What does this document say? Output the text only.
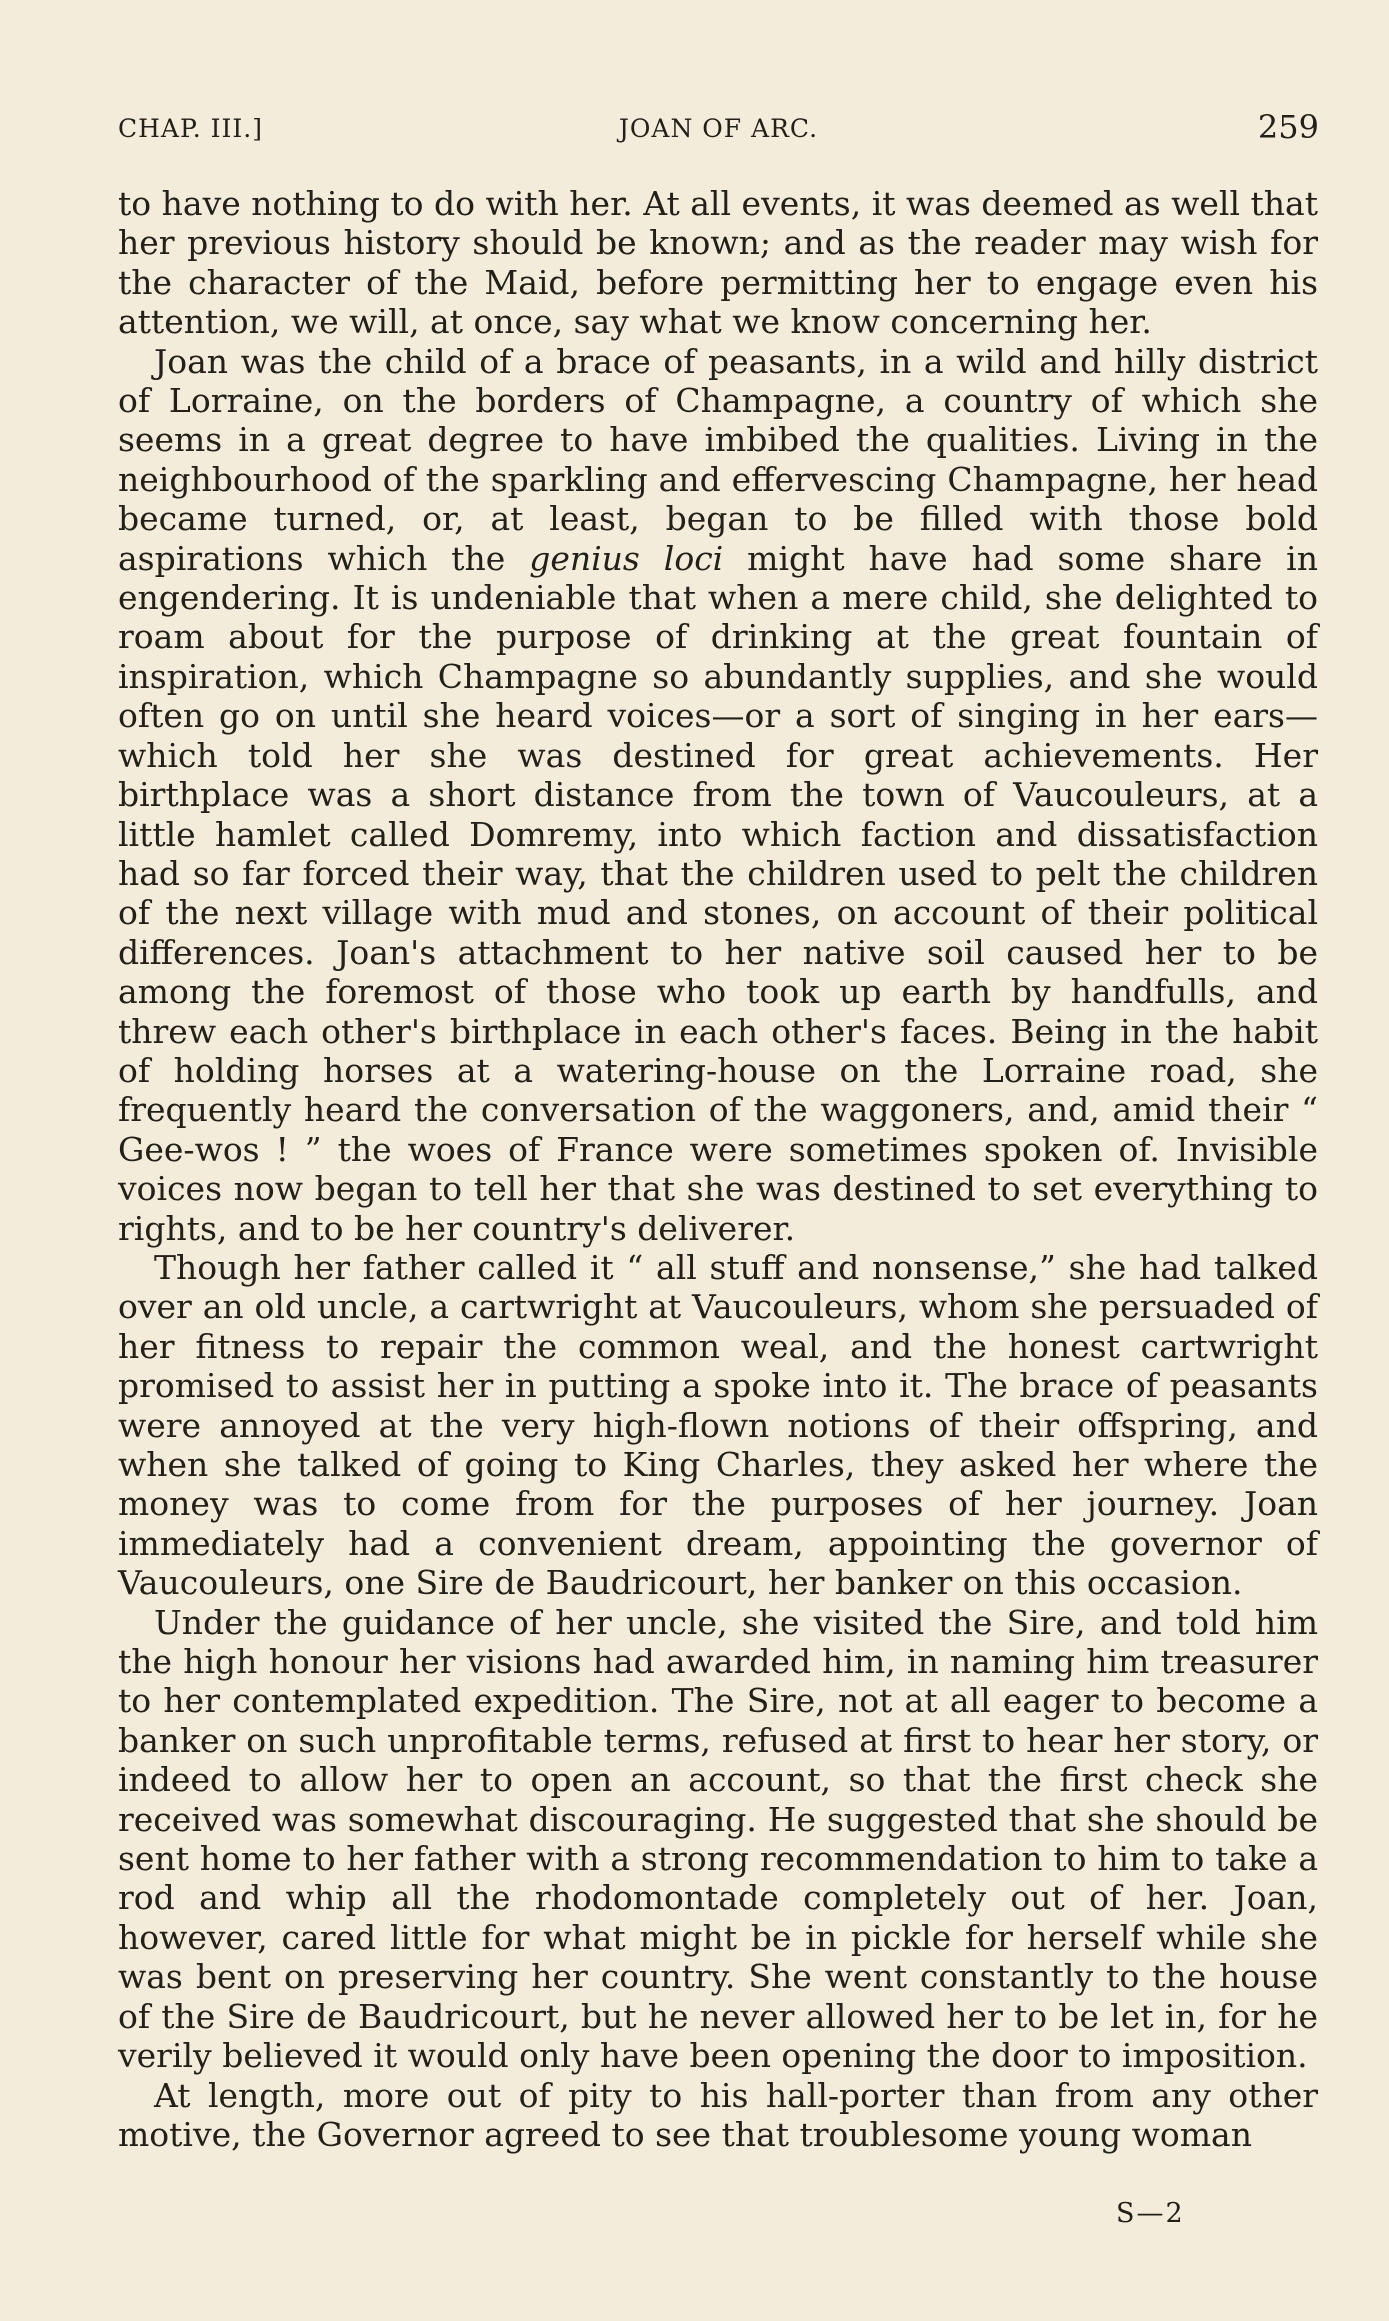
CHAP. III.]	JOAN OF ARC.	259

to have nothing to do with her. At all events, it was deemed as well that her previous history should be known; and as the reader may wish for the character of the Maid, before permitting her to engage even his attention, we will, at once, say what we know concerning her.

Joan was the child of a brace of peasants, in a wild and hilly district of Lorraine, on the borders of Champagne, a country of which she seems in a great degree to have imbibed the qualities. Living in the neighbourhood of the sparkling and effervescing Champagne, her head became turned, or, at least, began to be filled with those bold aspirations which the genius loci might have had some share in engendering. It is undeniable that when a mere child, she delighted to roam about for the purpose of drinking at the great fountain of inspiration, which Champagne so abundantly supplies, and she would often go on until she heard voices—or a sort of singing in her ears—which told her she was destined for great achievements. Her birthplace was a short distance from the town of Vaucouleurs, at a little hamlet called Domremy, into which faction and dissatisfaction had so far forced their way, that the children used to pelt the children of the next village with mud and stones, on account of their political differences. Joan's attachment to her native soil caused her to be among the foremost of those who took up earth by handfulls, and threw each other's birthplace in each other's faces. Being in the habit of holding horses at a watering-house on the Lorraine road, she frequently heard the conversation of the waggoners, and, amid their “ Gee-wos ! ” the woes of France were sometimes spoken of. Invisible voices now began to tell her that she was destined to set everything to rights, and to be her country's deliverer.

Though her father called it “ all stuff and nonsense,” she had talked over an old uncle, a cartwright at Vaucouleurs, whom she persuaded of her fitness to repair the common weal, and the honest cartwright promised to assist her in putting a spoke into it. The brace of peasants were annoyed at the very high-flown notions of their offspring, and when she talked of going to King Charles, they asked her where the money was to come from for the purposes of her journey. Joan immediately had a convenient dream, appointing the governor of Vaucouleurs, one Sire de Baudricourt, her banker on this occasion.

Under the guidance of her uncle, she visited the Sire, and told him the high honour her visions had awarded him, in naming him treasurer to her contemplated expedition. The Sire, not at all eager to become a banker on such unprofitable terms, refused at first to hear her story, or indeed to allow her to open an account, so that the first check she received was somewhat discouraging. He suggested that she should be sent home to her father with a strong recommendation to him to take a rod and whip all the rhodomontade completely out of her. Joan, however, cared little for what might be in pickle for herself while she was bent on preserving her country. She went constantly to the house of the Sire de Baudricourt, but he never allowed her to be let in, for he verily believed it would only have been opening the door to imposition.

At length, more out of pity to his hall-porter than from any other motive, the Governor agreed to see that troublesome young woman

S—2
